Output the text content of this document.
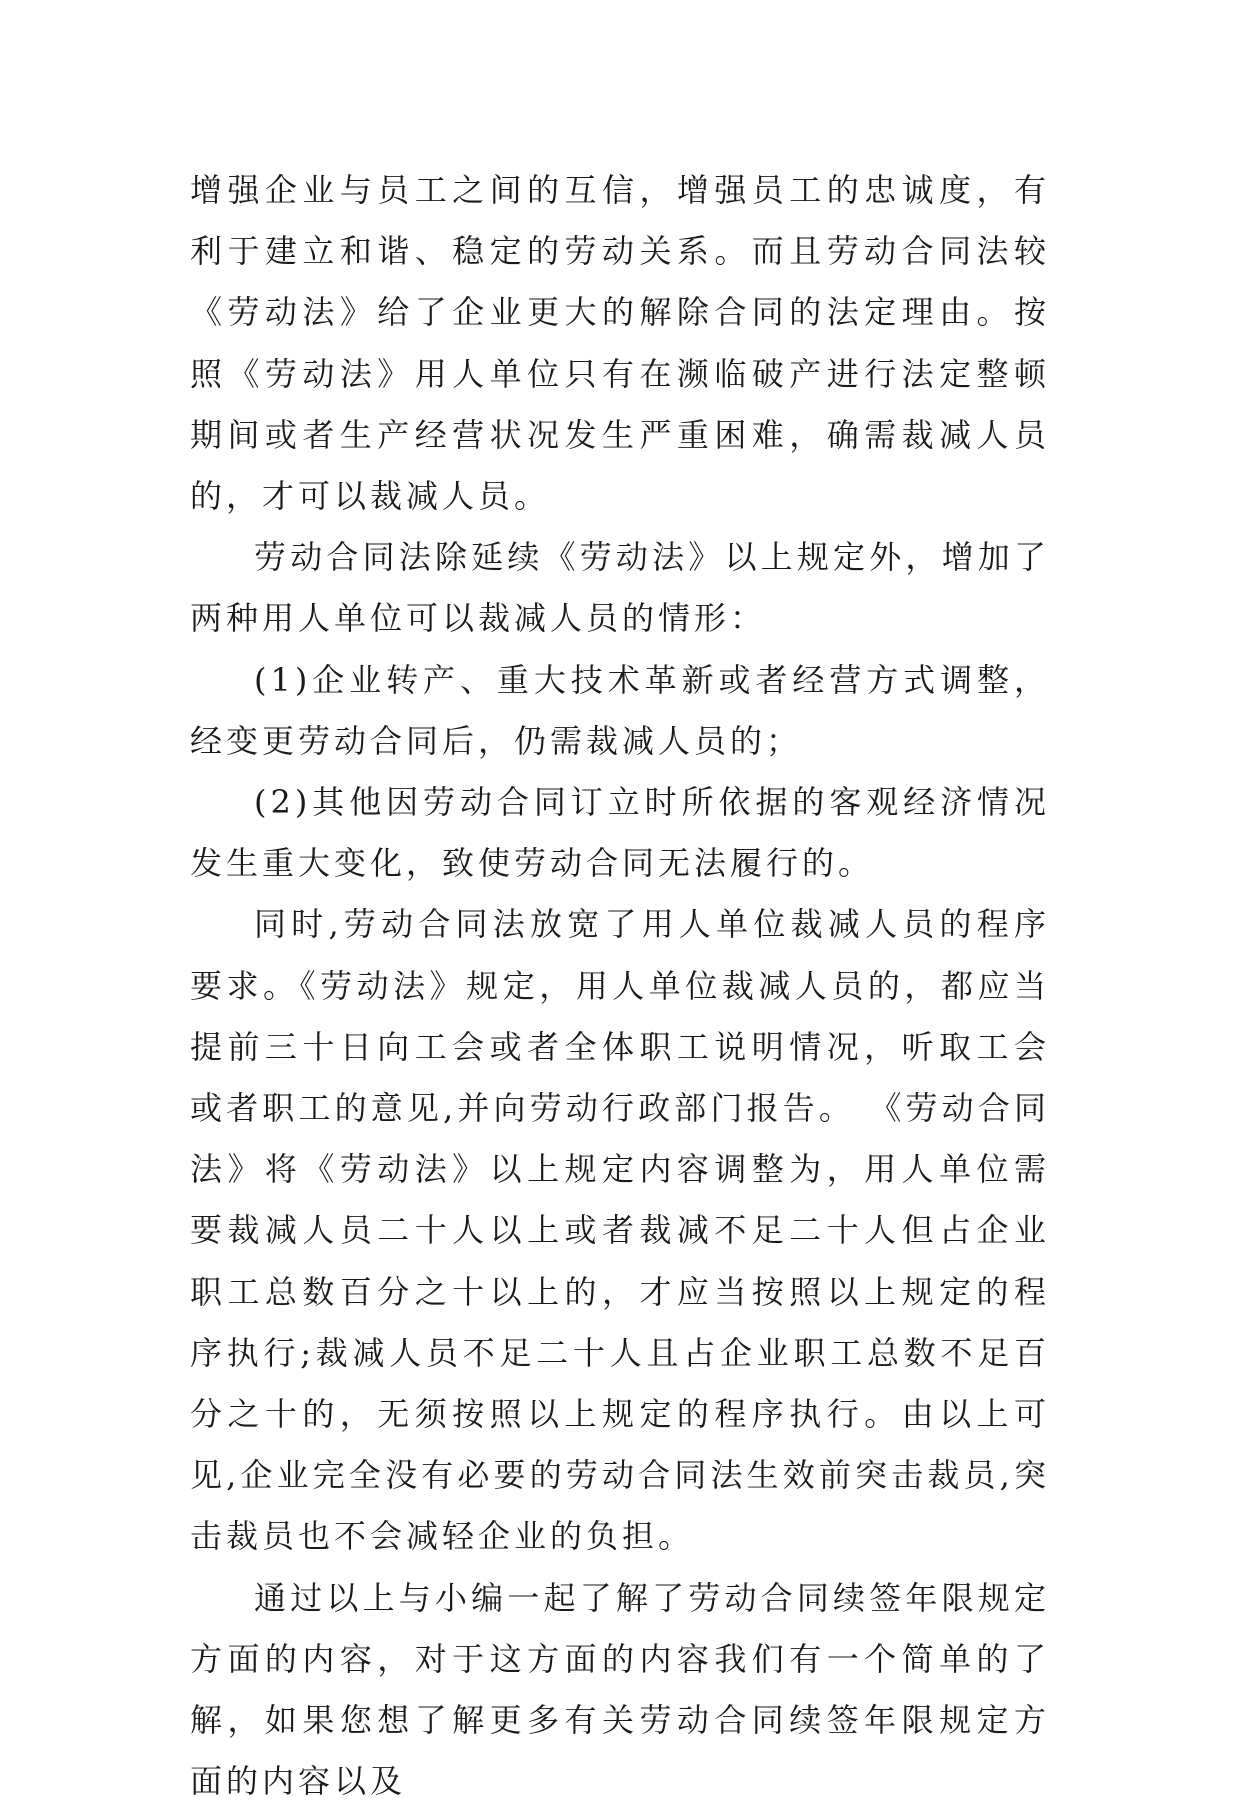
增强企业与员工之间的互信，增强员工的忠诚度，有利于建立和谐、稳定的劳动关系。而且劳动合同法较《劳动法》给了企业更大的解除合同的法定理由。按照《劳动法》用人单位只有在濒临破产进行法定整顿期间或者生产经营状况发生严重困难，确需裁减人员的，才可以裁减人员。

劳动合同法除延续《劳动法》以上规定外，增加了两种用人单位可以裁减人员的情形：

(1)企业转产、重大技术革新或者经营方式调整，经变更劳动合同后，仍需裁减人员的；

(2)其他因劳动合同订立时所依据的客观经济情况发生重大变化，致使劳动合同无法履行的。

同时,劳动合同法放宽了用人单位裁减人员的程序要求。《劳动法》规定，用人单位裁减人员的，都应当提前三十日向工会或者全体职工说明情况，听取工会或者职工的意见,并向劳动行政部门报告。 《劳动合同法》将《劳动法》以上规定内容调整为，用人单位需要裁减人员二十人以上或者裁减不足二十人但占企业职工总数百分之十以上的，才应当按照以上规定的程序执行;裁减人员不足二十人且占企业职工总数不足百分之十的，无须按照以上规定的程序执行。由以上可见,企业完全没有必要的劳动合同法生效前突击裁员,突击裁员也不会减轻企业的负担。

通过以上与小编一起了解了劳动合同续签年限规定方面的内容，对于这方面的内容我们有一个简单的了解，如果您想了解更多有关劳动合同续签年限规定方面的内容以及
